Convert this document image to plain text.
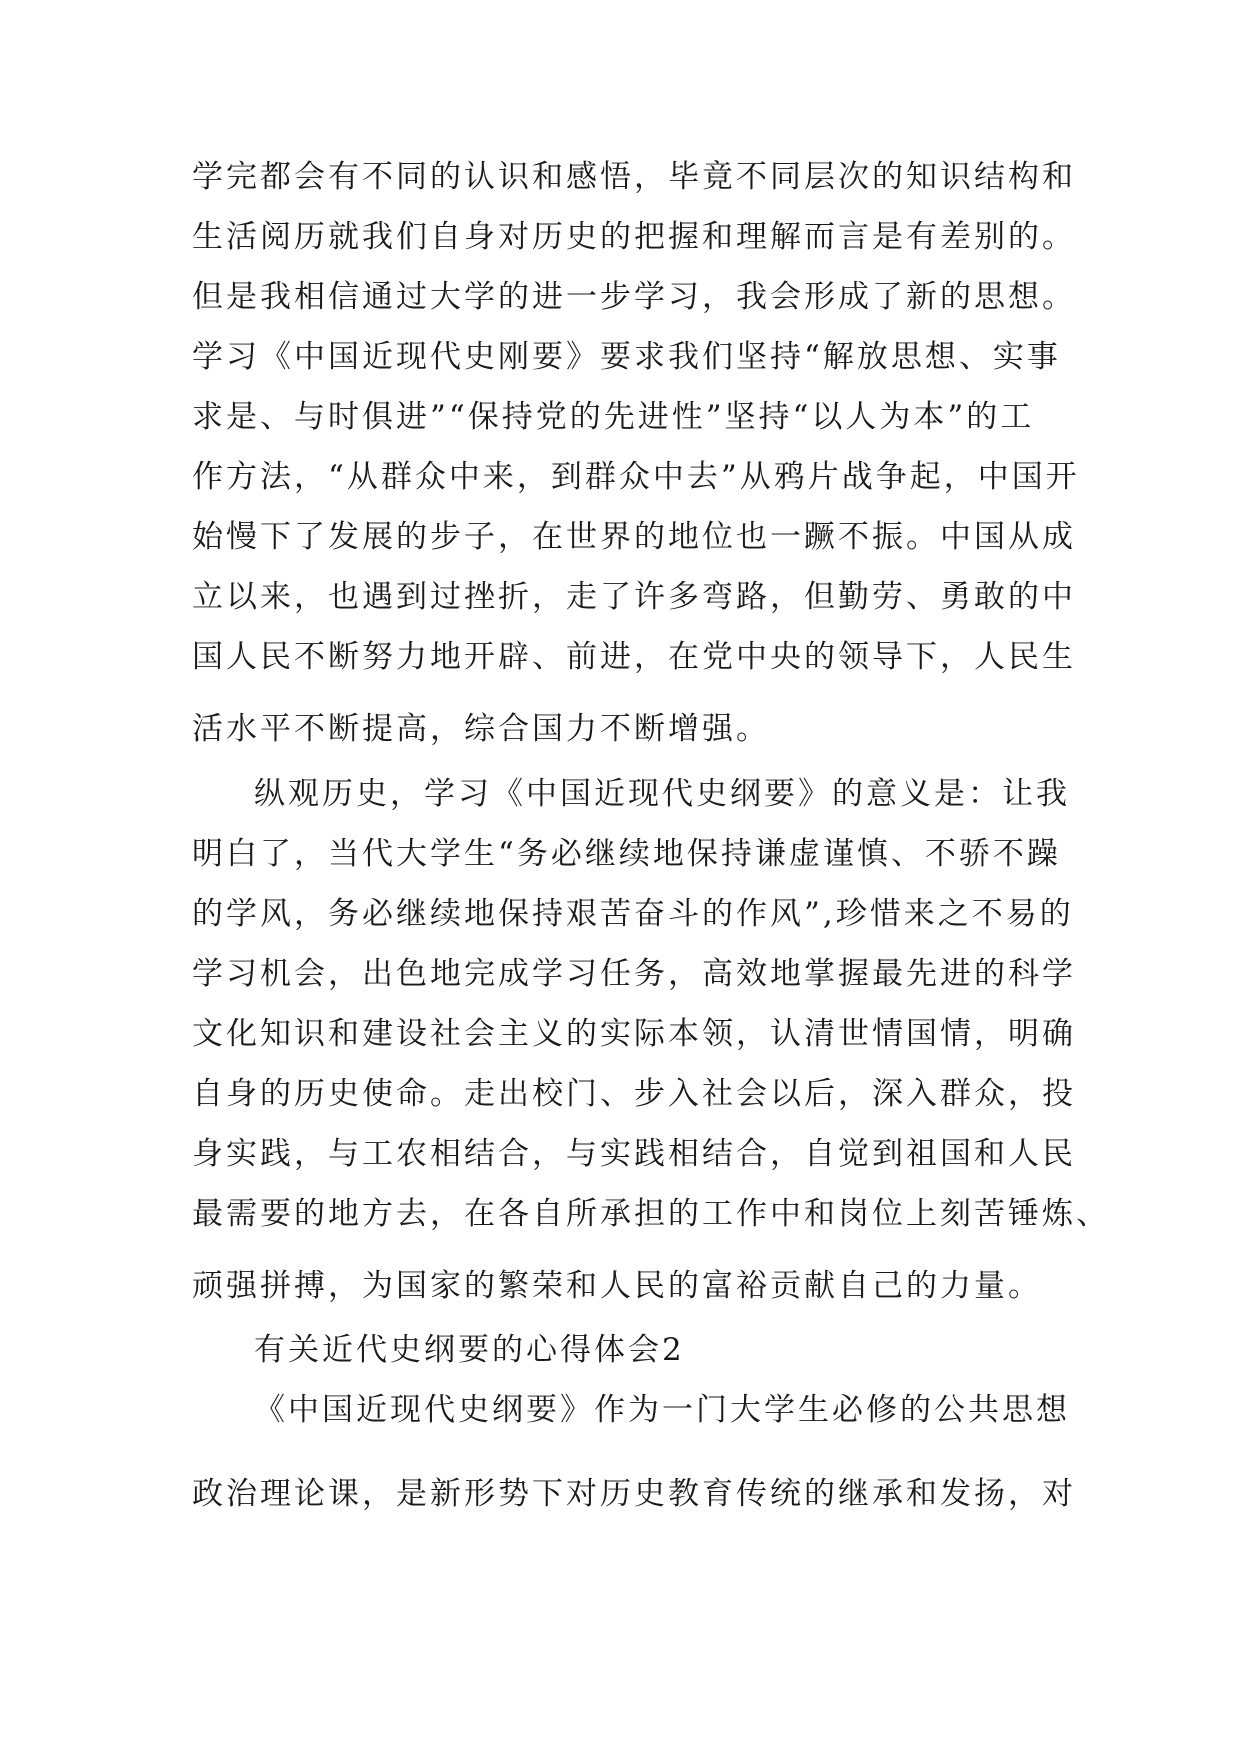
学完都会有不同的认识和感悟，毕竟不同层次的知识结构和
生活阅历就我们自身对历史的把握和理解而言是有差别的。
但是我相信通过大学的进一步学习，我会形成了新的思想。
学习《中国近现代史刚要》要求我们坚持“解放思想、实事
求是、与时俱进”“保持党的先进性”坚持“以人为本”的工
作方法，“从群众中来，到群众中去”从鸦片战争起，中国开
始慢下了发展的步子，在世界的地位也一蹶不振。中国从成
立以来，也遇到过挫折，走了许多弯路，但勤劳、勇敢的中
国人民不断努力地开辟、前进，在党中央的领导下，人民生
活水平不断提高，综合国力不断增强。
纵观历史，学习《中国近现代史纲要》的意义是：让我
明白了，当代大学生“务必继续地保持谦虚谨慎、不骄不躁
的学风，务必继续地保持艰苦奋斗的作风”,珍惜来之不易的
学习机会，出色地完成学习任务，高效地掌握最先进的科学
文化知识和建设社会主义的实际本领，认清世情国情，明确
自身的历史使命。走出校门、步入社会以后，深入群众，投
身实践，与工农相结合，与实践相结合，自觉到祖国和人民
最需要的地方去，在各自所承担的工作中和岗位上刻苦锤炼、
顽强拼搏，为国家的繁荣和人民的富裕贡献自己的力量。
有关近代史纲要的心得体会2
《中国近现代史纲要》作为一门大学生必修的公共思想
政治理论课，是新形势下对历史教育传统的继承和发扬，对
